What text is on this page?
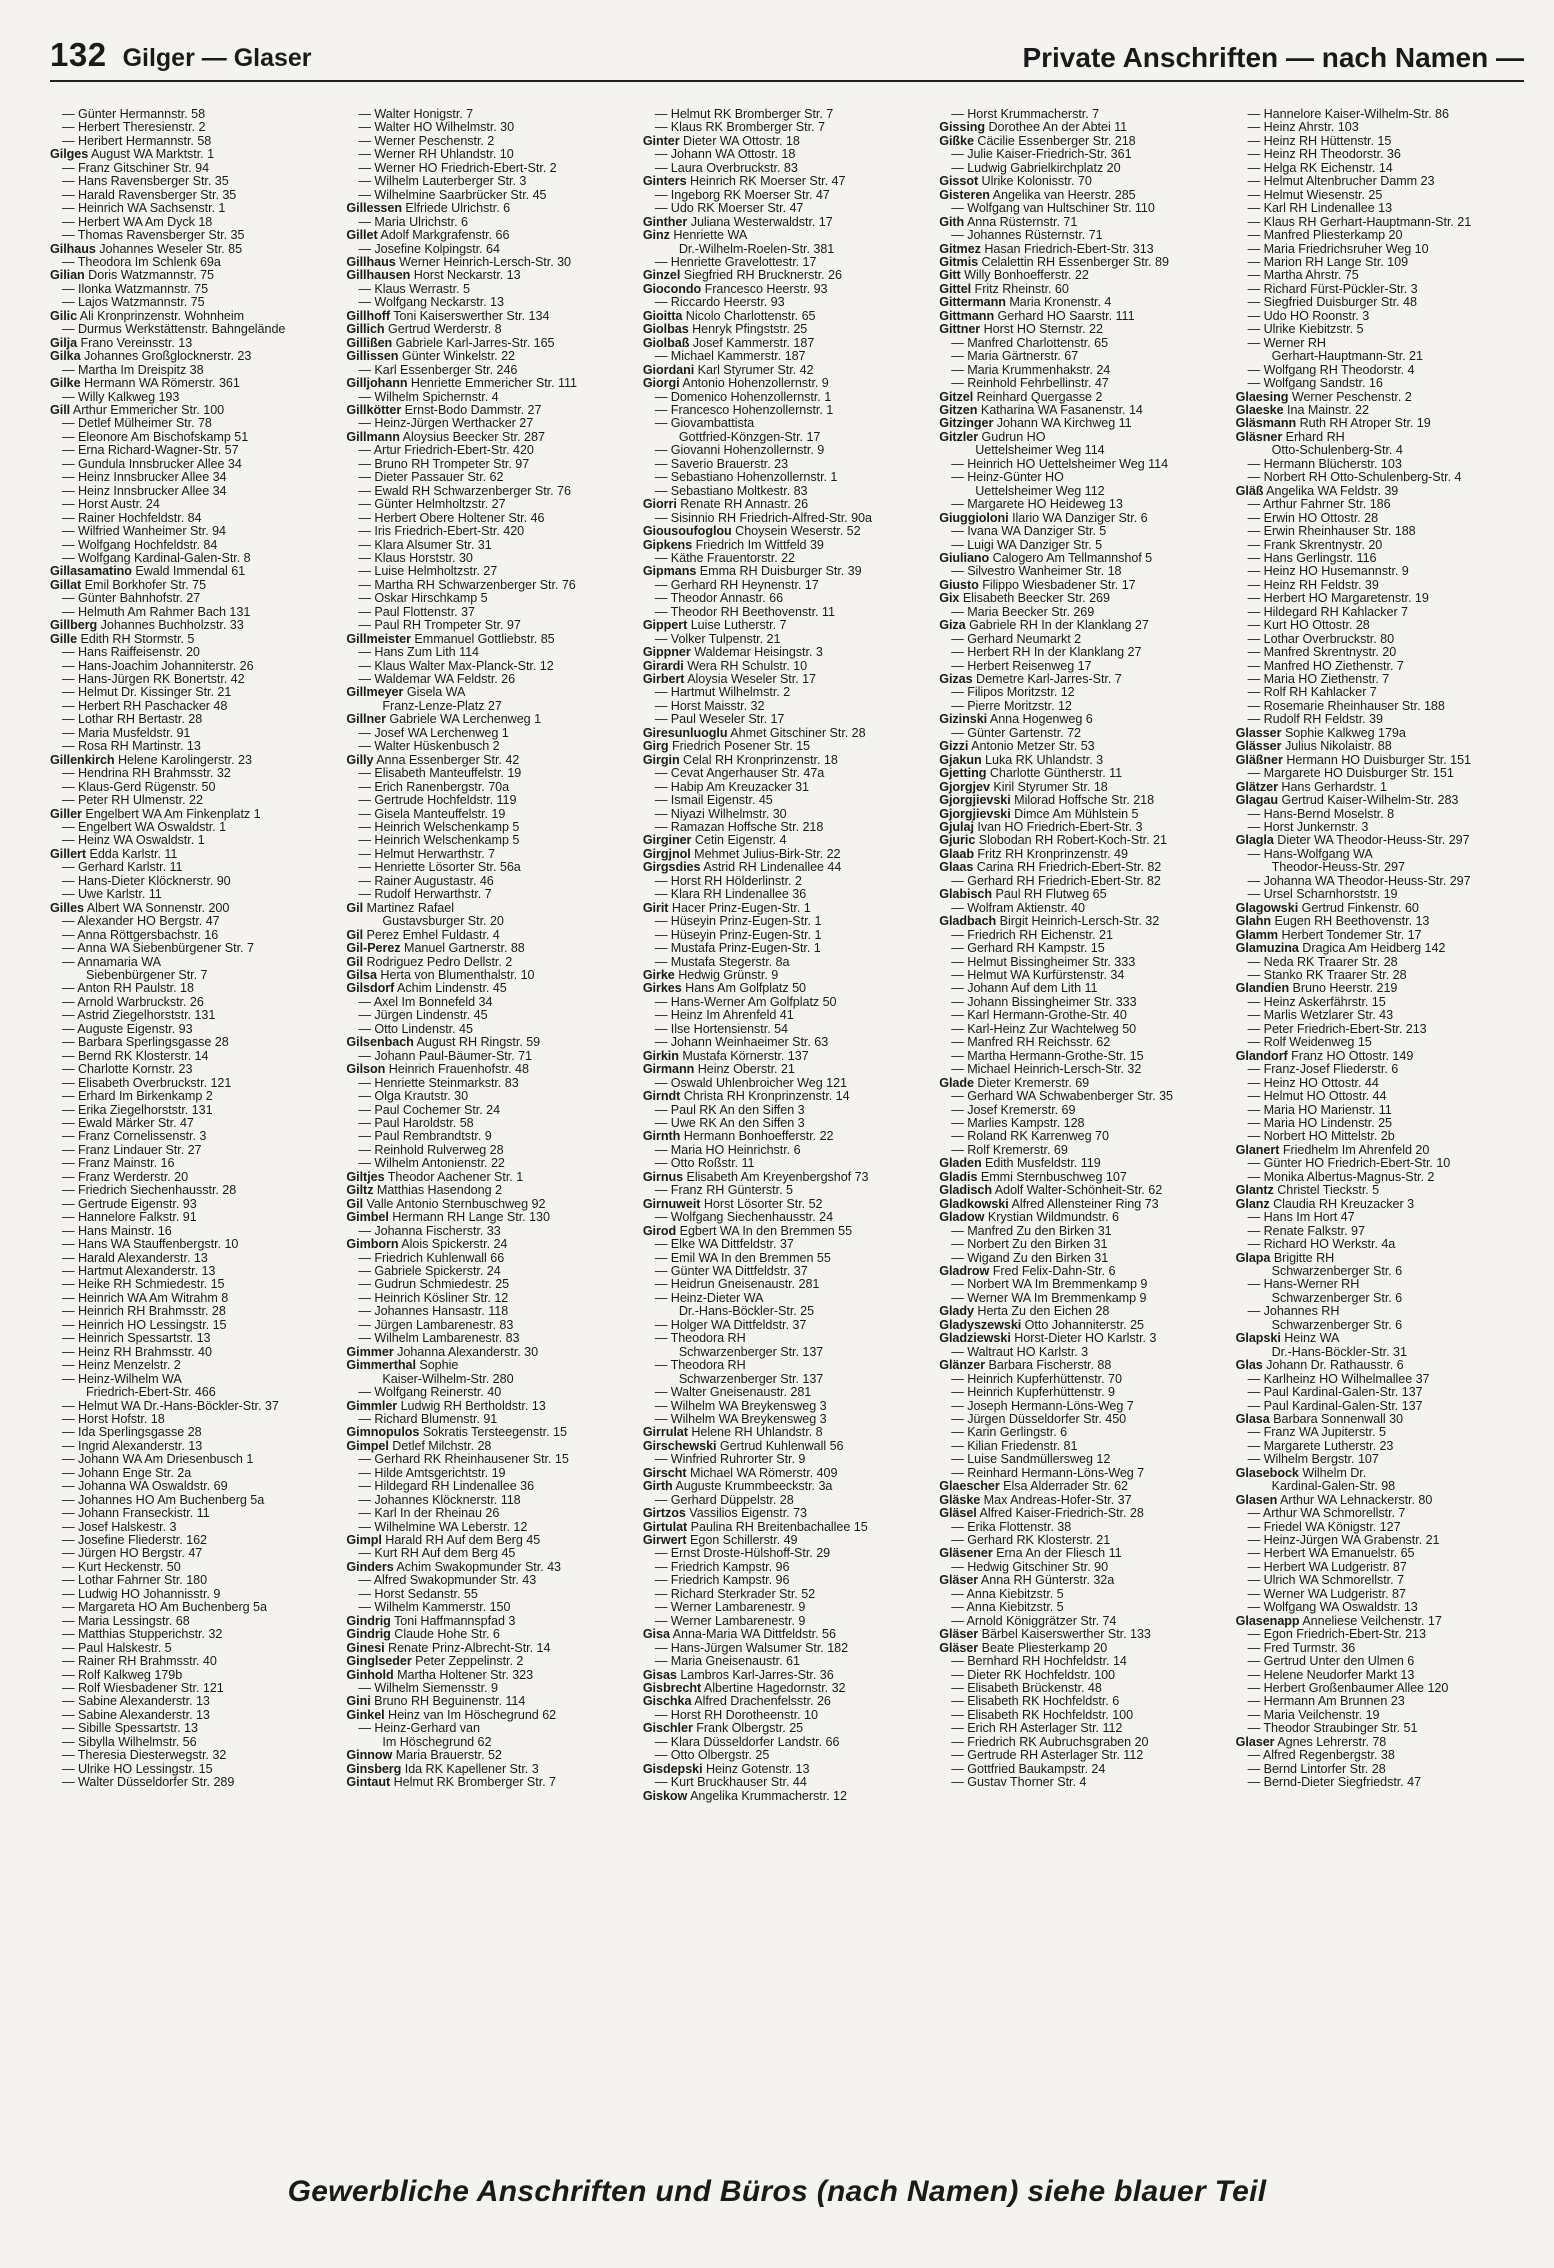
132 Gilger — Glaser	Private Anschriften — nach Namen —
— Günter Hermannstr. 58
— Herbert Theresienstr. 2
— Heribert Hermannstr. 58
Gilges August WA Marktstr. 1
— Franz Gitschiner Str. 94
— Hans Ravensberger Str. 35
— Harald Ravensberger Str. 35
— Heinrich WA Sachsenstr. 1
— Herbert WA Am Dyck 18
— Thomas Ravensberger Str. 35
Gilhaus Johannes Weseler Str. 85
— Theodora Im Schlenk 69a
Gilian Doris Watzmannstr. 75
— Ilonka Watzmannstr. 75
— Lajos Watzmannstr. 75
Gilic Ali Kronprinzenstr. Wohnheim
— Durmus Werkstättenstr. Bahngelände
Gilja Frano Vereinsstr. 13
Gilka Johannes Großglocknerstr. 23
— Martha Im Dreispitz 38
Gilke Hermann WA Römerstr. 361
— Willy Kalkweg 193
Gill Arthur Emmericher Str. 100
— Detlef Mülheimer Str. 78
— Eleonore Am Bischofskamp 51
— Erna Richard-Wagner-Str. 57
— Gundula Innsbrucker Allee 34
— Heinz Innsbrucker Allee 34
— Heinz Innsbrucker Allee 34
— Horst Austr. 24
— Rainer Hochfeldstr. 84
— Wilfried Wanheimer Str. 94
— Wolfgang Hochfeldstr. 84
— Wolfgang Kardinal-Galen-Str. 8
Gillasamatino Ewald Immendal 61
Gillat Emil Borkhofer Str. 75
— Günter Bahnhofstr. 27
— Helmuth Am Rahmer Bach 131
Gillberg Johannes Buchholzstr. 33
Gille Edith RH Stormstr. 5
— Hans Raiffeisenstr. 20
— Hans-Joachim Johanniterstr. 26
— Hans-Jürgen RK Bonertstr. 42
— Helmut Dr. Kissinger Str. 21
— Herbert RH Paschacker 48
— Lothar RH Bertastr. 28
— Maria Musfeldstr. 91
— Rosa RH Martinstr. 13
Gillenkirch Helene Karolingerstr. 23
— Hendrina RH Brahmsstr. 32
— Klaus-Gerd Rügenstr. 50
— Peter RH Ulmenstr. 22
Giller Engelbert WA Am Finkenplatz 1
— Engelbert WA Oswaldstr. 1
— Heinz WA Oswaldstr. 1
Gillert Edda Karlstr. 11
— Gerhard Karlstr. 11
— Hans-Dieter Klöcknerstr. 90
— Uwe Karlstr. 11
Gilles Albert WA Sonnenstr. 200
— Alexander HO Bergstr. 47
— Anna Röttgersbachstr. 16
— Anna WA Siebenbürgener Str. 7
— Annamaria WA
Siebenbürgener Str. 7
— Anton RH Paulstr. 18
— Arnold Warbruckstr. 26
— Astrid Ziegelhorststr. 131
— Auguste Eigenstr. 93
— Barbara Sperlingsgasse 28
— Bernd RK Klosterstr. 14
— Charlotte Kornstr. 23
— Elisabeth Overbruckstr. 121
— Erhard Im Birkenkamp 2
— Erika Ziegelhorststr. 131
— Ewald Märker Str. 47
— Franz Cornelissenstr. 3
— Franz Lindauer Str. 27
— Franz Mainstr. 16
— Franz Werderstr. 20
— Friedrich Siechenhausstr. 28
— Gertrude Eigenstr. 93
— Hannelore Falkstr. 91
— Hans Mainstr. 16
— Hans WA Stauffenbergstr. 10
— Harald Alexanderstr. 13
— Hartmut Alexanderstr. 13
— Heike RH Schmiedestr. 15
— Heinrich WA Am Witrahm 8
— Heinrich RH Brahmsstr. 28
— Heinrich HO Lessingstr. 15
— Heinrich Spessartstr. 13
— Heinz RH Brahmsstr. 40
— Heinz Menzelstr. 2
— Heinz-Wilhelm WA
Friedrich-Ebert-Str. 466
— Helmut WA Dr.-Hans-Böckler-Str. 37
— Horst Hofstr. 18
— Ida Sperlingsgasse 28
— Ingrid Alexanderstr. 13
— Johann WA Am Driesenbusch 1
— Johann Enge Str. 2a
— Johanna WA Oswaldstr. 69
— Johannes HO Am Buchenberg 5a
— Johann Franseckistr. 11
— Josef Halskestr. 3
— Josefine Fliederstr. 162
— Jürgen HO Bergstr. 47
— Kurt Heckenstr. 50
— Lothar Fahrner Str. 180
— Ludwig HO Johannisstr. 9
— Margareta HO Am Buchenberg 5a
— Maria Lessingstr. 68
— Matthias Stupperichstr. 32
— Paul Halskestr. 5
— Rainer RH Brahmsstr. 40
— Rolf Kalkweg 179b
— Rolf Wiesbadener Str. 121
— Sabine Alexanderstr. 13
— Sabine Alexanderstr. 13
— Sibille Spessartstr. 13
— Sibylla Wilhelmstr. 56
— Theresia Diesterwegstr. 32
— Ulrike HO Lessingstr. 15
— Walter Düsseldorfer Str. 289
— Walter Honigstr. 7
— Walter HO Wilhelmstr. 30
— Werner Peschenstr. 2
— Werner RH Uhlandstr. 10
— Werner HO Friedrich-Ebert-Str. 2
— Wilhelm Lauterberger Str. 3
— Wilhelmine Saarbrücker Str. 45
Gillessen Elfriede Ulrichstr. 6
— Maria Ulrichstr. 6
Gillet Adolf Markgrafenstr. 66
— Josefine Kolpingstr. 64
Gillhaus Werner Heinrich-Lersch-Str. 30
Gillhausen Horst Neckarstr. 13
— Klaus Werrastr. 5
— Wolfgang Neckarstr. 13
Gillhoff Toni Kaiserswerther Str. 134
Gillich Gertrud Werderstr. 8
Gillißen Gabriele Karl-Jarres-Str. 165
Gillissen Günter Winkelstr. 22
— Karl Essenberger Str. 246
Gilljohann Henriette Emmericher Str. 111
— Wilhelm Spichernstr. 4
Gillkötter Ernst-Bodo Dammstr. 27
— Heinz-Jürgen Werthacker 27
Gillmann Aloysius Beecker Str. 287
— Artur Friedrich-Ebert-Str. 420
— Bruno RH Trompeter Str. 97
— Dieter Passauer Str. 62
— Ewald RH Schwarzenberger Str. 76
— Günter Helmholtzstr. 27
— Herbert Obere Holtener Str. 46
— Iris Friedrich-Ebert-Str. 420
— Klara Alsumer Str. 31
— Klaus Horststr. 30
— Luise Helmholtzstr. 27
— Martha RH Schwarzenberger Str. 76
— Oskar Hirschkamp 5
— Paul Flottenstr. 37
— Paul RH Trompeter Str. 97
Gillmeister Emmanuel Gottliebstr. 85
— Hans Zum Lith 114
— Klaus Walter Max-Planck-Str. 12
— Waldemar WA Feldstr. 26
Gillmeyer Gisela WA
Franz-Lenze-Platz 27
Gillner Gabriele WA Lerchenweg 1
— Josef WA Lerchenweg 1
— Walter Hüskenbusch 2
Gilly Anna Essenberger Str. 42
— Elisabeth Manteuffelstr. 19
— Erich Ranenbergstr. 70a
— Gertrude Hochfeldstr. 119
— Gisela Manteuffelstr. 19
— Heinrich Welschenkamp 5
— Heinrich Welschenkamp 5
— Helmut Herwarthstr. 7
— Henriette Lösorter Str. 56a
— Rainer Augustastr. 46
— Rudolf Herwarthstr. 7
Gil Martinez Rafael
Gustavsburger Str. 20
Gil Perez Emhel Fuldastr. 4
Gil-Perez Manuel Gartnerstr. 88
Gil Rodriguez Pedro Dellstr. 2
Gilsa Herta von Blumenthalstr. 10
Gilsdorf Achim Lindenstr. 45
— Axel Im Bonnefeld 34
— Jürgen Lindenstr. 45
— Otto Lindenstr. 45
Gilsenbach August RH Ringstr. 59
— Johann Paul-Bäumer-Str. 71
Gilson Heinrich Frauenhofstr. 48
— Henriette Steinmarkstr. 83
— Olga Krautstr. 30
— Paul Cochemer Str. 24
— Paul Haroldstr. 58
— Paul Rembrandtstr. 9
— Reinhold Rulverweg 28
— Wilhelm Antonienstr. 22
Giltjes Theodor Aachener Str. 1
Giltz Matthias Hasendong 2
Gil Valle Antonio Sternbuschweg 92
Gimbel Hermann RH Lange Str. 130
— Johanna Fischerstr. 33
Gimborn Alois Spickerstr. 24
— Friedrich Kuhlenwall 66
— Gabriele Spickerstr. 24
— Gudrun Schmiedestr. 25
— Heinrich Kösliner Str. 12
— Johannes Hansastr. 118
— Jürgen Lambarenestr. 83
— Wilhelm Lambarenestr. 83
Gimmer Johanna Alexanderstr. 30
Gimmerthal Sophie
Kaiser-Wilhelm-Str. 280
— Wolfgang Reinerstr. 40
Gimmler Ludwig RH Bertholdstr. 13
— Richard Blumenstr. 91
Gimnopulos Sokratis Tersteegenstr. 15
Gimpel Detlef Milchstr. 28
— Gerhard RK Rheinhausener Str. 15
— Hilde Amtsgerichtstr. 19
— Hildegard RH Lindenallee 36
— Johannes Klöcknerstr. 118
— Karl In der Rheinau 26
— Wilhelmine WA Leberstr. 12
Gimpl Harald RH Auf dem Berg 45
— Kurt RH Auf dem Berg 45
Ginders Achim Swakopmunder Str. 43
— Alfred Swakopmunder Str. 43
— Horst Sedanstr. 55
— Wilhelm Kammerstr. 150
Gindrig Toni Haffmannspfad 3
Gindrig Claude Hohe Str. 6
Ginesi Renate Prinz-Albrecht-Str. 14
Ginglseder Peter Zeppelinstr. 2
Ginhold Martha Holtener Str. 323
— Wilhelm Siemensstr. 9
Gini Bruno RH Beguinenstr. 114
Ginkel Heinz van Im Höschegrund 62
— Heinz-Gerhard van
Im Höschegrund 62
Ginnow Maria Brauerstr. 52
Ginsberg Ida RK Kapellener Str. 3
Gintaut Helmut RK Bromberger Str. 7
— Helmut RK Bromberger Str. 7
— Klaus RK Bromberger Str. 7
Ginter Dieter WA Ottostr. 18
— Johann WA Ottostr. 18
— Laura Overbruckstr. 83
Ginters Heinrich RK Moerser Str. 47
— Ingeborg RK Moerser Str. 47
— Udo RK Moerser Str. 47
Ginther Juliana Westerwaldstr. 17
Ginz Henriette WA
Dr.-Wilhelm-Roelen-Str. 381
— Henriette Gravelottestr. 17
Ginzel Siegfried RH Brucknerstr. 26
Giocondo Francesco Heerstr. 93
— Riccardo Heerstr. 93
Gioitta Nicolo Charlottenstr. 65
Giolbas Henryk Pfingststr. 25
Giolbaß Josef Kammerstr. 187
— Michael Kammerstr. 187
Giordani Karl Styrumer Str. 42
Giorgi Antonio Hohenzollernstr. 9
— Domenico Hohenzollernstr. 1
— Francesco Hohenzollernstr. 1
— Giovambattista
Gottfried-Könzgen-Str. 17
— Giovanni Hohenzollernstr. 9
— Saverio Brauerstr. 23
— Sebastiano Hohenzollernstr. 1
— Sebastiano Moltkestr. 83
Giorri Renate RH Annastr. 26
— Sisinnio RH Friedrich-Alfred-Str. 90a
Giousoufoglou Choysein Weserstr. 52
Gipkens Friedrich Im Wittfeld 39
— Käthe Frauentorstr. 22
Gipmans Emma RH Duisburger Str. 39
— Gerhard RH Heynenstr. 17
— Theodor Annastr. 66
— Theodor RH Beethovenstr. 11
Gippert Luise Lutherstr. 7
— Volker Tulpenstr. 21
Gippner Waldemar Heisingstr. 3
Girardi Wera RH Schulstr. 10
Girbert Aloysia Weseler Str. 17
— Hartmut Wilhelmstr. 2
— Horst Maisstr. 32
— Paul Weseler Str. 17
Giresunluoglu Ahmet Gitschiner Str. 28
Girg Friedrich Posener Str. 15
Girgin Celal RH Kronprinzenstr. 18
— Cevat Angerhauser Str. 47a
— Habip Am Kreuzacker 31
— Ismail Eigenstr. 45
— Niyazi Wilhelmstr. 30
— Ramazan Hoffsche Str. 218
Girginer Cetin Eigenstr. 4
Girgjnol Mehmet Julius-Birk-Str. 22
Girgsdies Astrid RH Lindenallee 44
— Horst RH Hölderlinstr. 2
— Klara RH Lindenallee 36
Girit Hacer Prinz-Eugen-Str. 1
— Hüseyin Prinz-Eugen-Str. 1
— Hüseyin Prinz-Eugen-Str. 1
— Mustafa Prinz-Eugen-Str. 1
— Mustafa Stegerstr. 8a
Girke Hedwig Grünstr. 9
Girkes Hans Am Golfplatz 50
— Hans-Werner Am Golfplatz 50
— Heinz Im Ahrenfeld 41
— Ilse Hortensienstr. 54
— Johann Weinhaeimer Str. 63
Girkin Mustafa Körnerstr. 137
Girmann Heinz Oberstr. 21
— Oswald Uhlenbroicher Weg 121
Girndt Christa RH Kronprinzenstr. 14
— Paul RK An den Siffen 3
— Uwe RK An den Siffen 3
Girnth Hermann Bonhoefferstr. 22
— Maria HO Heinrichstr. 6
— Otto Roßstr. 11
Girnus Elisabeth Am Kreyenbergshof 73
— Franz RH Günterstr. 5
Girnuweit Horst Lösorter Str. 52
— Wolfgang Siechenhausstr. 24
Girod Egbert WA In den Bremmen 55
— Elke WA Dittfeldstr. 37
— Emil WA In den Bremmen 55
— Günter WA Dittfeldstr. 37
— Heidrun Gneisenaustr. 281
— Heinz-Dieter WA
Dr.-Hans-Böckler-Str. 25
— Holger WA Dittfeldstr. 37
— Theodora RH
Schwarzenberger Str. 137
— Theodora RH
Schwarzenberger Str. 137
— Walter Gneisenaustr. 281
— Wilhelm WA Breykensweg 3
— Wilhelm WA Breykensweg 3
Girrulat Helene RH Uhlandstr. 8
Girschewski Gertrud Kuhlenwall 56
— Winfried Ruhrorter Str. 9
Girscht Michael WA Römerstr. 409
Girth Auguste Krummbeeckstr. 3a
— Gerhard Düppelstr. 28
Girtzos Vassilios Eigenstr. 73
Girtulat Paulina RH Breitenbachallee 15
Girwert Egon Schillerstr. 49
— Ernst Droste-Hülshoff-Str. 29
— Friedrich Kampstr. 96
— Friedrich Kampstr. 96
— Richard Sterkrader Str. 52
— Werner Lambarenestr. 9
— Werner Lambarenestr. 9
Gisa Anna-Maria WA Dittfeldstr. 56
— Hans-Jürgen Walsumer Str. 182
— Maria Gneisenaustr. 61
Gisas Lambros Karl-Jarres-Str. 36
Gisbrecht Albertine Hagedornstr. 32
Gischka Alfred Drachenfelsstr. 26
— Horst RH Dorotheenstr. 10
Gischler Frank Ölbergstr. 25
— Klara Düsseldorfer Landstr. 66
— Otto Ölbergstr. 25
Gisdepski Heinz Gotenstr. 13
— Kurt Bruckhauser Str. 44
Giskow Angelika Krummacherstr. 12
— Horst Krummacherstr. 7
Gissing Dorothee An der Abtei 11
Gißke Cäcilie Essenberger Str. 218
— Julie Kaiser-Friedrich-Str. 361
— Ludwig Gabrielkirchplatz 20
Gissot Ulrike Kolonisstr. 70
Gisteren Angelika van Heerstr. 285
— Wolfgang van Hultschiner Str. 110
Gith Anna Rüsternstr. 71
— Johannes Rüsternstr. 71
Gitmez Hasan Friedrich-Ebert-Str. 313
Gitmis Celalettin RH Essenberger Str. 89
Gitt Willy Bonhoefferstr. 22
Gittel Fritz Rheinstr. 60
Gittermann Maria Kronenstr. 4
Gittmann Gerhard HO Saarstr. 111
Gittner Horst HO Sternstr. 22
— Manfred Charlottenstr. 65
— Maria Gärtnerstr. 67
— Maria Krummenhakstr. 24
— Reinhold Fehrbellinstr. 47
Gitzel Reinhard Quergasse 2
Gitzen Katharina WA Fasanenstr. 14
Gitzinger Johann WA Kirchweg 11
Gitzler Gudrun HO
Uettelsheimer Weg 114
— Heinrich HO Uettelsheimer Weg 114
— Heinz-Günter HO
Uettelsheimer Weg 112
— Margarete HO Heideweg 13
Giuggioloni Ilario WA Danziger Str. 6
— Ivana WA Danziger Str. 5
— Luigi WA Danziger Str. 5
Giuliano Calogero Am Tellmannshof 5
— Silvestro Wanheimer Str. 18
Giusto Filippo Wiesbadener Str. 17
Gix Elisabeth Beecker Str. 269
— Maria Beecker Str. 269
Giza Gabriele RH In der Klanklang 27
— Gerhard Neumarkt 2
— Herbert RH In der Klanklang 27
— Herbert Reisenweg 17
Gizas Demetre Karl-Jarres-Str. 7
— Filipos Moritzstr. 12
— Pierre Moritzstr. 12
Gizinski Anna Hogenweg 6
— Günter Gartenstr. 72
Gizzi Antonio Metzer Str. 53
Gjakun Luka RK Uhlandstr. 3
Gjetting Charlotte Güntherstr. 11
Gjorgjev Kiril Styrumer Str. 18
Gjorgjievski Milorad Hoffsche Str. 218
Gjorgjievski Dimce Am Mühlstein 5
Gjulaj Ivan HO Friedrich-Ebert-Str. 3
Gjuric Slobodan RH Robert-Koch-Str. 21
Glaab Fritz RH Kronprinzenstr. 49
Glaas Carina RH Friedrich-Ebert-Str. 82
— Gerhard RH Friedrich-Ebert-Str. 82
Glabisch Paul RH Flutweg 65
— Wolfram Aktienstr. 40
Gladbach Birgit Heinrich-Lersch-Str. 32
— Friedrich RH Eichenstr. 21
— Gerhard RH Kampstr. 15
— Helmut Bissingheimer Str. 333
— Helmut WA Kurfürstenstr. 34
— Johann Auf dem Lith 11
— Johann Bissingheimer Str. 333
— Karl Hermann-Grothe-Str. 40
— Karl-Heinz Zur Wachtelweg 50
— Manfred RH Reichsstr. 62
— Martha Hermann-Grothe-Str. 15
— Michael Heinrich-Lersch-Str. 32
Glade Dieter Kremerstr. 69
— Gerhard WA Schwabenberger Str. 35
— Josef Kremerstr. 69
— Marlies Kampstr. 128
— Roland RK Karrenweg 70
— Rolf Kremerstr. 69
Gladen Edith Musfeldstr. 119
Gladis Emmi Sternbuschweg 107
Gladisch Adolf Walter-Schönheit-Str. 62
Gladkowski Alfred Allensteiner Ring 73
Gladow Krystian Wildmundstr. 6
— Manfred Zu den Birken 31
— Norbert Zu den Birken 31
— Wigand Zu den Birken 31
Gladrow Fred Felix-Dahn-Str. 6
— Norbert WA Im Bremmenkamp 9
— Werner WA Im Bremmenkamp 9
Glady Herta Zu den Eichen 28
Gladyszewski Otto Johanniterstr. 25
Gladziewski Horst-Dieter HO Karlstr. 3
— Waltraut HO Karlstr. 3
Glänzer Barbara Fischerstr. 88
— Heinrich Kupferhüttenstr. 70
— Heinrich Kupferhüttenstr. 9
— Joseph Hermann-Löns-Weg 7
— Jürgen Düsseldorfer Str. 450
— Karin Gerlingstr. 6
— Kilian Friedenstr. 81
— Luise Sandmüllersweg 12
— Reinhard Hermann-Löns-Weg 7
Glaescher Elsa Alderrader Str. 62
Gläske Max Andreas-Hofer-Str. 37
Gläsel Alfred Kaiser-Friedrich-Str. 28
— Erika Flottenstr. 38
— Gerhard RK Klosterstr. 21
Gläsener Erna An der Fliesch 11
— Hedwig Gitschiner Str. 90
Gläser Anna RH Günterstr. 32a
— Anna Kiebitzstr. 5
— Anna Kiebitzstr. 5
— Arnold Königgrätzer Str. 74
Gläser Bärbel Kaiserswerther Str. 133
Gläser Beate Pliesterkamp 20
— Bernhard RH Hochfeldstr. 14
— Dieter RK Hochfeldstr. 100
— Elisabeth Brückenstr. 48
— Elisabeth RK Hochfeldstr. 6
— Elisabeth RK Hochfeldstr. 100
— Erich RH Asterlager Str. 112
— Friedrich RK Aubruchsgraben 20
— Gertrude RH Asterlager Str. 112
— Gottfried Baukampstr. 24
— Gustav Thorner Str. 4
— Hannelore Kaiser-Wilhelm-Str. 86
— Heinz Ahrstr. 103
— Heinz RH Hüttenstr. 15
— Heinz RH Theodorstr. 36
— Helga RK Eichenstr. 14
— Helmut Altenbrucher Damm 23
— Helmut Wiesenstr. 25
— Karl RH Lindenallee 13
— Klaus RH Gerhart-Hauptmann-Str. 21
— Manfred Pliesterkamp 20
— Maria Friedrichsruher Weg 10
— Marion RH Lange Str. 109
— Martha Ahrstr. 75
— Richard Fürst-Pückler-Str. 3
— Siegfried Duisburger Str. 48
— Udo HO Roonstr. 3
— Ulrike Kiebitzstr. 5
— Werner RH
Gerhart-Hauptmann-Str. 21
— Wolfgang RH Theodorstr. 4
— Wolfgang Sandstr. 16
Glaesing Werner Peschenstr. 2
Glaeske Ina Mainstr. 22
Gläsmann Ruth RH Atroper Str. 19
Gläsner Erhard RH
Otto-Schulenberg-Str. 4
— Hermann Blücherstr. 103
— Norbert RH Otto-Schulenberg-Str. 4
Gläß Angelika WA Feldstr. 39
— Arthur Fahrner Str. 186
— Erwin HO Ottostr. 28
— Erwin Rheinhauser Str. 188
— Frank Skrentnystr. 20
— Hans Gerlingstr. 116
— Heinz HO Husemannstr. 9
— Heinz RH Feldstr. 39
— Herbert HO Margaretenstr. 19
— Hildegard RH Kahlacker 7
— Kurt HO Ottostr. 28
— Lothar Overbruckstr. 80
— Manfred Skrentnystr. 20
— Manfred HO Ziethenstr. 7
— Maria HO Ziethenstr. 7
— Rolf RH Kahlacker 7
— Rosemarie Rheinhauser Str. 188
— Rudolf RH Feldstr. 39
Glasser Sophie Kalkweg 179a
Glässer Julius Nikolaistr. 88
Gläßner Hermann HO Duisburger Str. 151
— Margarete HO Duisburger Str. 151
Glätzer Hans Gerhardstr. 1
Glagau Gertrud Kaiser-Wilhelm-Str. 283
— Hans-Bernd Moselstr. 8
— Horst Junkernstr. 3
Glagla Dieter WA Theodor-Heuss-Str. 297
— Hans-Wolfgang WA
Theodor-Heuss-Str. 297
— Johanna WA Theodor-Heuss-Str. 297
— Ursel Scharnhorststr. 19
Glagowski Gertrud Finkenstr. 60
Glahn Eugen RH Beethovenstr. 13
Glamm Herbert Tondemer Str. 17
Glamuzina Dragica Am Heidberg 142
— Neda RK Traarer Str. 28
— Stanko RK Traarer Str. 28
Glandien Bruno Heerstr. 219
— Heinz Askerfährstr. 15
— Marlis Wetzlarer Str. 43
— Peter Friedrich-Ebert-Str. 213
— Rolf Weidenweg 15
Glandorf Franz HO Ottostr. 149
— Franz-Josef Fliederstr. 6
— Heinz HO Ottostr. 44
— Helmut HO Ottostr. 44
— Maria HO Marienstr. 11
— Maria HO Lindenstr. 25
— Norbert HO Mittelstr. 2b
Glanert Friedhelm Im Ahrenfeld 20
— Günter HO Friedrich-Ebert-Str. 10
— Monika Albertus-Magnus-Str. 2
Glantz Christel Tieckstr. 5
Glanz Claudia RH Kreuzacker 3
— Hans Im Hort 47
— Renate Falkstr. 97
— Richard HO Werkstr. 4a
Glapa Brigitte RH
Schwarzenberger Str. 6
— Hans-Werner RH
Schwarzenberger Str. 6
— Johannes RH
Schwarzenberger Str. 6
Glapski Heinz WA
Dr.-Hans-Böckler-Str. 31
Glas Johann Dr. Rathausstr. 6
— Karlheinz HO Wilhelmallee 37
— Paul Kardinal-Galen-Str. 137
— Paul Kardinal-Galen-Str. 137
Glasa Barbara Sonnenwall 30
— Franz WA Jupiterstr. 5
— Margarete Lutherstr. 23
— Wilhelm Bergstr. 107
Glasebock Wilhelm Dr.
Kardinal-Galen-Str. 98
Glasen Arthur WA Lehnackerstr. 80
— Arthur WA Schmorellstr. 7
— Friedel WA Königstr. 127
— Heinz-Jürgen WA Grabenstr. 21
— Herbert WA Emanuelstr. 65
— Herbert WA Ludgeristr. 87
— Ulrich WA Schmorellstr. 7
— Werner WA Ludgeristr. 87
— Wolfgang WA Oswaldstr. 13
Glasenapp Anneliese Veilchenstr. 17
— Egon Friedrich-Ebert-Str. 213
— Fred Turmstr. 36
— Gertrud Unter den Ulmen 6
— Helene Neudorfer Markt 13
— Herbert Großenbaumer Allee 120
— Hermann Am Brunnen 23
— Maria Veilchenstr. 19
— Theodor Straubinger Str. 51
Glaser Agnes Lehrerstr. 78
— Alfred Regenbergstr. 38
— Bernd Lintorfer Str. 28
— Bernd-Dieter Siegfriedstr. 47
Gewerbliche Anschriften und Büros (nach Namen) siehe blauer Teil
